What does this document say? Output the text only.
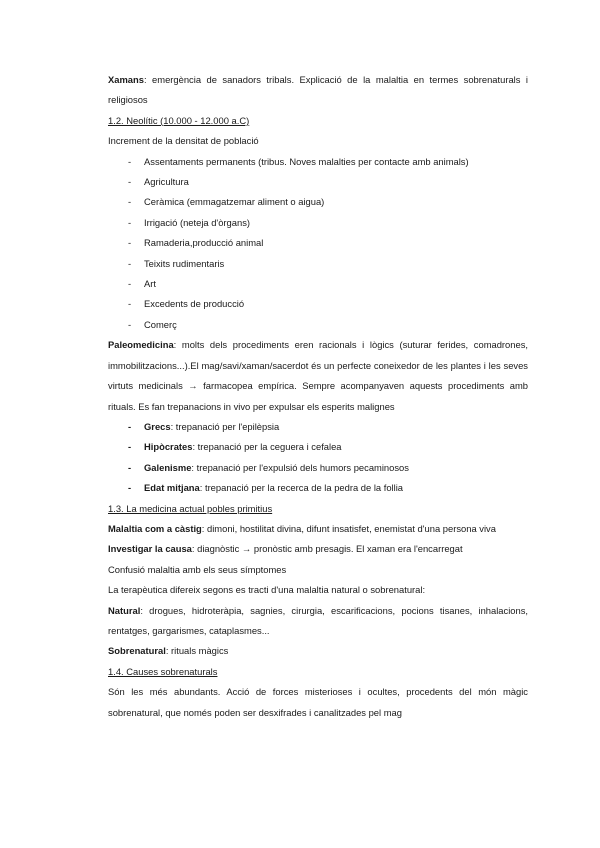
Xamans: emergència de sanadors tribals. Explicació de la malaltia en termes sobrenaturals i religiosos

1.2. Neolític (10.000 - 12.000 a.C)

Increment de la densitat de població

- Assentaments permanents (tribus. Noves malalties per contacte amb animals)
- Agricultura
- Ceràmica (emmagatzemar aliment o aigua)
- Irrigació (neteja d'òrgans)
- Ramaderia,producció animal
- Teixits rudimentaris
- Art
- Excedents de producció
- Comerç

Paleomedicina: molts dels procediments eren racionals i lògics (suturar ferides, comadrones, immobilitzacions...).El mag/savi/xaman/sacerdot és un perfecte coneixedor de les plantes i les seves virtuts medicinals → farmacopea empírica. Sempre acompanyaven aquests procediments amb rituals. Es fan trepanacions in vivo per expulsar els esperits malignes

- Grecs: trepanació per l'epilèpsia
- Hipòcrates: trepanació per la ceguera i cefalea
- Galenisme: trepanació per l'expulsió dels humors pecaminosos
- Edat mitjana: trepanació per la recerca de la pedra de la follia

1.3. La medicina actual pobles primitius

Malaltia com a càstig: dimoni, hostilitat divina, difunt insatisfet, enemistat d'una persona viva

Investigar la causa: diagnòstic → pronòstic amb presagis. El xaman era l'encarregat

Confusió malaltia amb els seus símptomes

La terapèutica difereix segons es tracti d'una malaltia natural o sobrenatural:

Natural: drogues, hidroteràpia, sagnies, cirurgia, escarificacions, pocions tisanes, inhalacions, rentatges, gargarismes, cataplasmes...

Sobrenatural: rituals màgics

1.4. Causes sobrenaturals

Són les més abundants. Acció de forces misterioses i ocultes, procedents del món màgic sobrenatural, que només poden ser desxifrades i canalitzades pel mag
